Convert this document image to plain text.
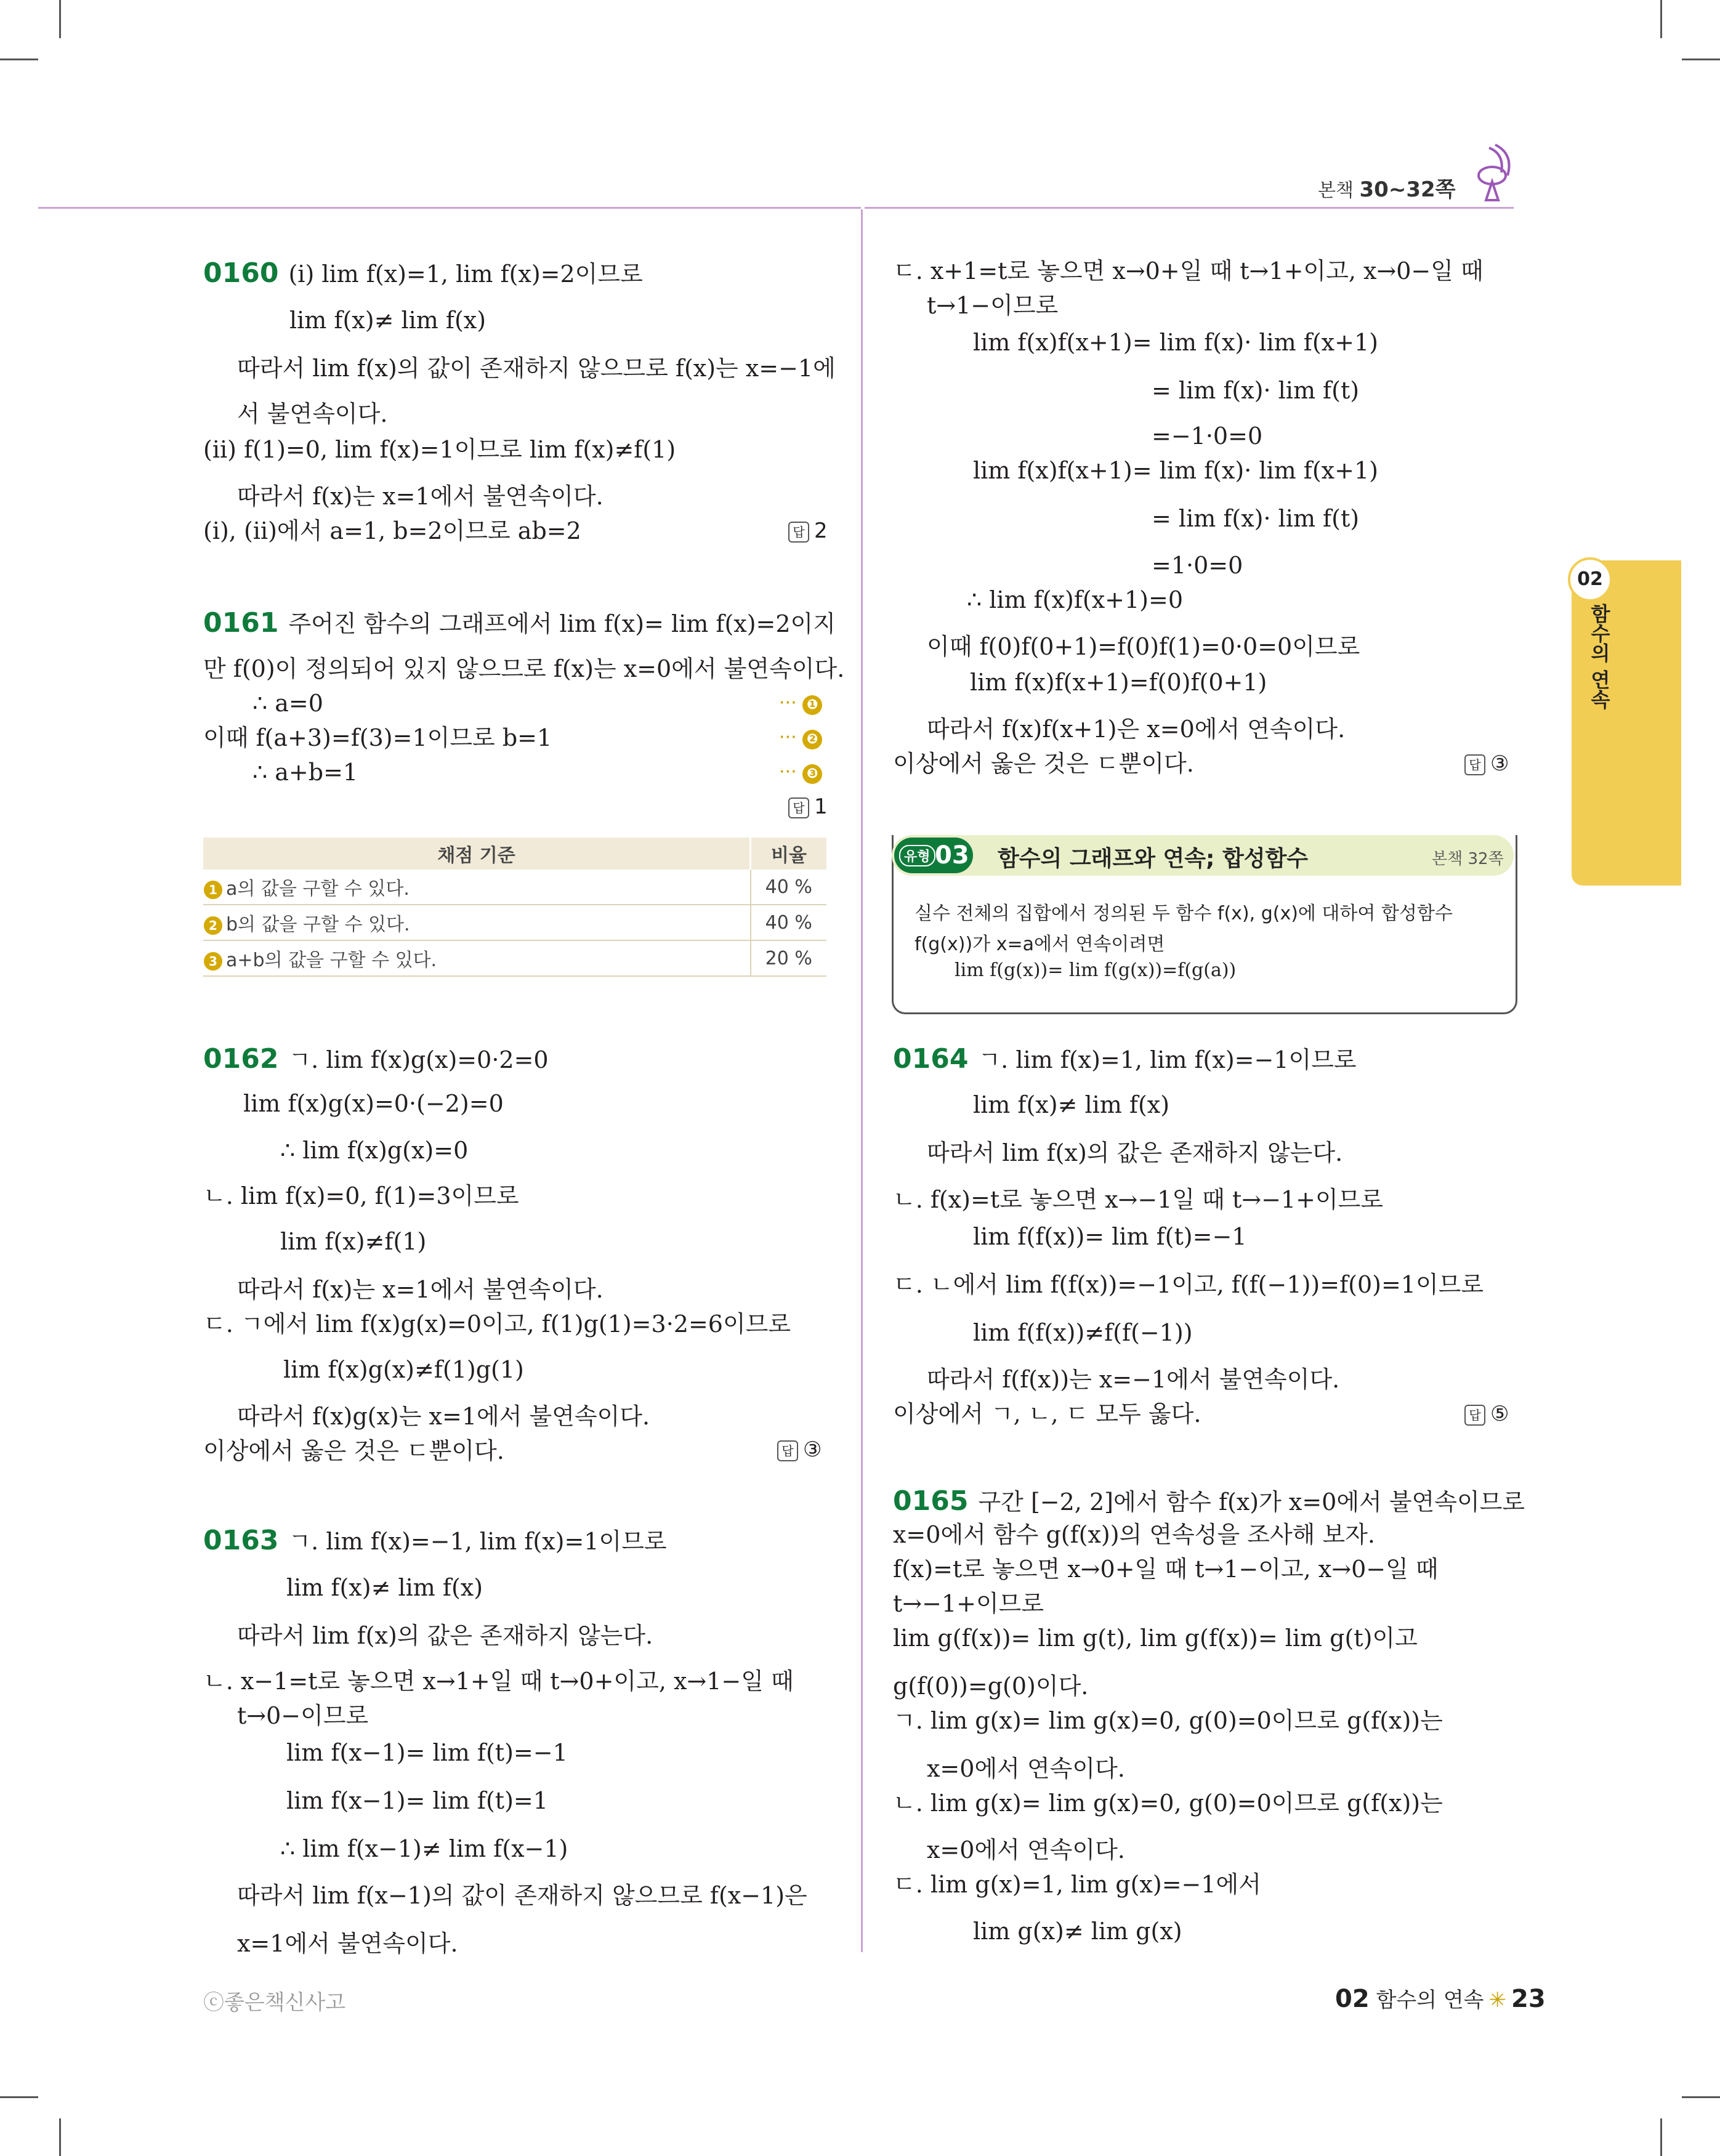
본책 30~32쪽
02
함수의 연속
0160 (ⅰ) lim f(x)=1, lim f(x)=2이므로
lim f(x)≠ lim f(x)
따라서 lim f(x)의 값이 존재하지 않으므로 f(x)는 x=−1에
서 불연속이다.
(ⅱ) f(1)=0, lim f(x)=1이므로 lim f(x)≠f(1)
따라서 f(x)는 x=1에서 불연속이다.
(ⅰ), (ⅱ)에서 a=1, b=2이므로 ab=2	답 2
0161 주어진 함수의 그래프에서 lim f(x)= lim f(x)=2이지
만 f(0)이 정의되어 있지 않으므로 f(x)는 x=0에서 불연속이다.
∴ a=0
이때 f(a+3)=f(3)=1이므로 b=1
∴ a+b=1
··· ❶
··· ❷
··· ❸
답 1
채점 기준	비율
1 a의 값을 구할 수 있다.	40 %
2 b의 값을 구할 수 있다.	40 %
3 a+b의 값을 구할 수 있다.	20 %
0162 ㄱ. lim f(x)g(x)=0·2=0
lim f(x)g(x)=0·(−2)=0
∴ lim f(x)g(x)=0
ㄴ. lim f(x)=0, f(1)=3이므로
lim f(x)≠f(1)
따라서 f(x)는 x=1에서 불연속이다.
ㄷ. ㄱ에서 lim f(x)g(x)=0이고, f(1)g(1)=3·2=6이므로
lim f(x)g(x)≠f(1)g(1)
따라서 f(x)g(x)는 x=1에서 불연속이다.
이상에서 옳은 것은 ㄷ뿐이다.	답 ③
0163 ㄱ. lim f(x)=−1, lim f(x)=1이므로
lim f(x)≠ lim f(x)
따라서 lim f(x)의 값은 존재하지 않는다.
ㄴ. x−1=t로 놓으면 x→1+일 때 t→0+이고, x→1−일 때
t→0−이므로
lim f(x−1)= lim f(t)=−1
lim f(x−1)= lim f(t)=1
∴ lim f(x−1)≠ lim f(x−1)
따라서 lim f(x−1)의 값이 존재하지 않으므로 f(x−1)은
x=1에서 불연속이다.
ㄷ. x+1=t로 놓으면 x→0+일 때 t→1+이고, x→0−일 때
t→1−이므로
lim f(x)f(x+1)= lim f(x)· lim f(x+1)
= lim f(x)· lim f(t)
=−1·0=0
lim f(x)f(x+1)= lim f(x)· lim f(x+1)
= lim f(x)· lim f(t)
=1·0=0
∴ lim f(x)f(x+1)=0
이때 f(0)f(0+1)=f(0)f(1)=0·0=0이므로
lim f(x)f(x+1)=f(0)f(0+1)
따라서 f(x)f(x+1)은 x=0에서 연속이다.
이상에서 옳은 것은 ㄷ뿐이다.	답 ③
유형 03 함수의 그래프와 연속; 합성함수	본책 32쪽
실수 전체의 집합에서 정의된 두 함수 f(x), g(x)에 대하여 합성함수
f(g(x))가 x=a에서 연속이려면
lim f(g(x))= lim f(g(x))=f(g(a))
0164 ㄱ. lim f(x)=1, lim f(x)=−1이므로
lim f(x)≠ lim f(x)
따라서 lim f(x)의 값은 존재하지 않는다.
ㄴ. f(x)=t로 놓으면 x→−1일 때 t→−1+이므로
lim f(f(x))= lim f(t)=−1
ㄷ. ㄴ에서 lim f(f(x))=−1이고, f(f(−1))=f(0)=1이므로
lim f(f(x))≠f(f(−1))
따라서 f(f(x))는 x=−1에서 불연속이다.
이상에서 ㄱ, ㄴ, ㄷ 모두 옳다.	답 ⑤
0165 구간 [−2, 2]에서 함수 f(x)가 x=0에서 불연속이므로
x=0에서 함수 g(f(x))의 연속성을 조사해 보자.
f(x)=t로 놓으면 x→0+일 때 t→1−이고, x→0−일 때
t→−1+이므로
lim g(f(x))= lim g(t), lim g(f(x))= lim g(t)이고
g(f(0))=g(0)이다.
ㄱ. lim g(x)= lim g(x)=0, g(0)=0이므로 g(f(x))는
x=0에서 연속이다.
ㄴ. lim g(x)= lim g(x)=0, g(0)=0이므로 g(f(x))는
x=0에서 연속이다.
ㄷ. lim g(x)=1, lim g(x)=−1에서
lim g(x)≠ lim g(x)
ⓒ좋은책신사고	02 함수의 연속 ✳ 23
